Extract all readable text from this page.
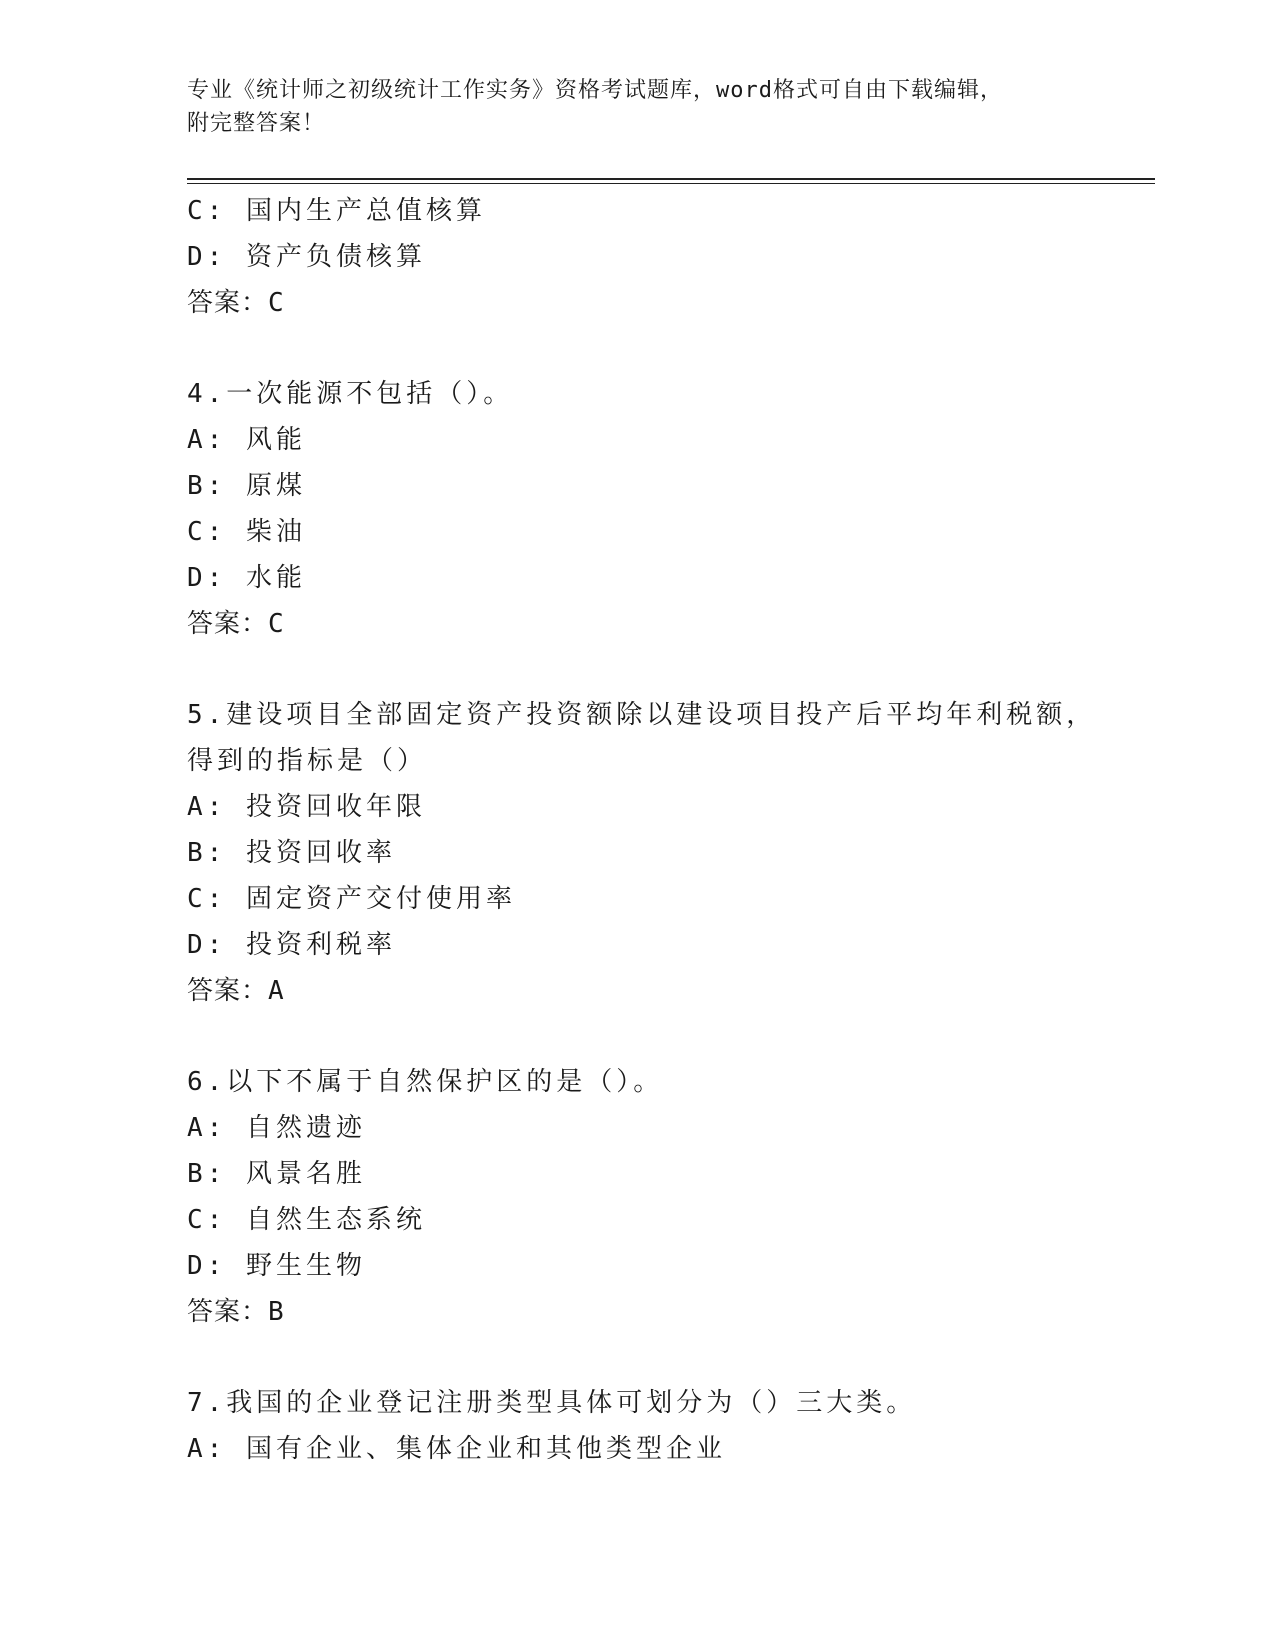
专业《统计师之初级统计工作实务》资格考试题库，word格式可自由下载编辑，
附完整答案！

C: 国内生产总值核算

D: 资产负债核算

答案：C

4.一次能源不包括（）。

A: 风能

B: 原煤

C: 柴油

D: 水能

答案：C

5.建设项目全部固定资产投资额除以建设项目投产后平均年利税额，

得到的指标是（）

A: 投资回收年限

B: 投资回收率

C: 固定资产交付使用率

D: 投资利税率

答案：A

6.以下不属于自然保护区的是（）。

A: 自然遗迹

B: 风景名胜

C: 自然生态系统

D: 野生生物

答案：B

7.我国的企业登记注册类型具体可划分为（）三大类。

A: 国有企业、集体企业和其他类型企业
